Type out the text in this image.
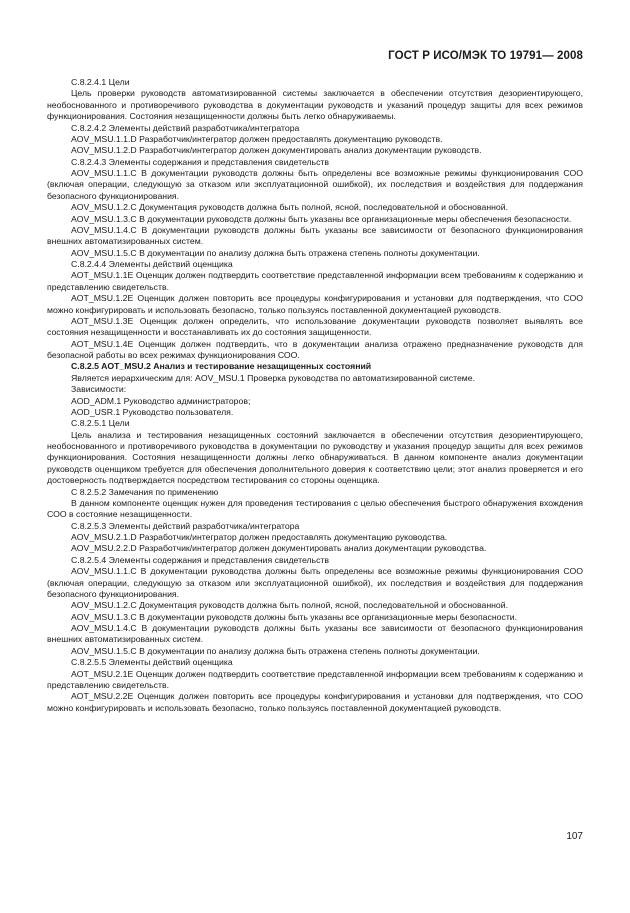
ГОСТ Р ИСО/МЭК ТО 19791— 2008

C.8.2.4.1 Цели

Цель проверки руководств автоматизированной системы заключается в обеспечении отсутствия дезориентирующего, необоснованного и противоречивого руководства в документации руководств и указаний процедур защиты для всех режимов функционирования. Состояния незащищенности должны быть легко обнаруживаемы.

C.8.2.4.2 Элементы действий разработчика/интегратора

AOV_MSU.1.1.D Разработчик/интегратор должен предоставлять документацию руководств.

AOV_MSU.1.2.D Разработчик/интегратор должен документировать анализ документации руководств.

C.8.2.4.3 Элементы содержания и представления свидетельств

AOV_MSU.1.1.C В документации руководств должны быть определены все возможные режимы функционирования СОО (включая операции, следующую за отказом или эксплуатационной ошибкой), их последствия и воздействия для поддержания безопасного функционирования.

AOV_MSU.1.2.C Документация руководств должна быть полной, ясной, последовательной и обоснованной.

AOV_MSU.1.3.C В документации руководств должны быть указаны все организационные меры обеспечения безопасности.

AOV_MSU.1.4.C В документации руководств должны быть указаны все зависимости от безопасного функционирования внешних автоматизированных систем.

AOV_MSU.1.5.C В документации по анализу должна быть отражена степень полноты документации.

C.8.2.4.4 Элементы действий оценщика

AOT_MSU.1.1E Оценщик должен подтвердить соответствие представленной информации всем требованиям к содержанию и представлению свидетельств.

AOT_MSU.1.2E Оценщик должен повторить все процедуры конфигурирования и установки для подтверждения, что СОО можно конфигурировать и использовать безопасно, только пользуясь поставленной документацией руководств.

AOT_MSU.1.3E Оценщик должен определить, что использование документации руководств позволяет выявлять все состояния незащищенности и восстанавливать их до состояния защищенности.

AOT_MSU.1.4E Оценщик должен подтвердить, что в документации анализа отражено предназначение руководств для безопасной работы во всех режимах функционирования СОО.

C.8.2.5 AOT_MSU.2 Анализ и тестирование незащищенных состояний

Является иерархическим для: AOV_MSU.1 Проверка руководства по автоматизированной системе.

Зависимости:

AOD_ADM.1 Руководство администраторов;

AOD_USR.1 Руководство пользователя.

C.8.2.5.1 Цели

Цель анализа и тестирования незащищенных состояний заключается в обеспечении отсутствия дезориентирующего, необоснованного и противоречивого руководства в документации по руководству и указания процедур защиты для всех режимов функционирования. Состояния незащищенности должны легко обнаруживаться. В данном компоненте анализ документации руководств оценщиком требуется для обеспечения дополнительного доверия к соответствию цели; этот анализ проверяется и его достоверность подтверждается посредством тестирования со стороны оценщика.

C 8.2.5.2 Замечания по применению

В данном компоненте оценщик нужен для проведения тестирования с целью обеспечения быстрого обнаружения вхождения СОО в состояние незащищенности.

C.8.2.5.3 Элементы действий разработчика/интегратора

AOV_MSU.2.1.D Разработчик/интегратор должен предоставлять документацию руководства.

AOV_MSU.2.2.D Разработчик/интегратор должен документировать анализ документации руководства.

C.8.2.5.4 Элементы содержания и представления свидетельств

AOV_MSU.1.1.C В документации руководства должны быть определены все возможные режимы функционирования СОО (включая операции, следующую за отказом или эксплуатационной ошибкой), их последствия и воздействия для поддержания безопасного функционирования.

AOV_MSU.1.2.C Документация руководств должна быть полной, ясной, последовательной и обоснованной.

AOV_MSU.1.3.C В документации руководств должны быть указаны все организационные меры безопасности.

AOV_MSU.1.4.C В документации руководств должны быть указаны все зависимости от безопасного функционирования внешних автоматизированных систем.

AOV_MSU.1.5.C В документации по анализу должна быть отражена степень полноты документации.

C.8.2.5.5 Элементы действий оценщика

AOT_MSU.2.1E Оценщик должен подтвердить соответствие представленной информации всем требованиям к содержанию и представлению свидетельств.

AOT_MSU.2.2E Оценщик должен повторить все процедуры конфигурирования и установки для подтверждения, что СОО можно конфигурировать и использовать безопасно, только пользуясь поставленной документацией руководств.

107
